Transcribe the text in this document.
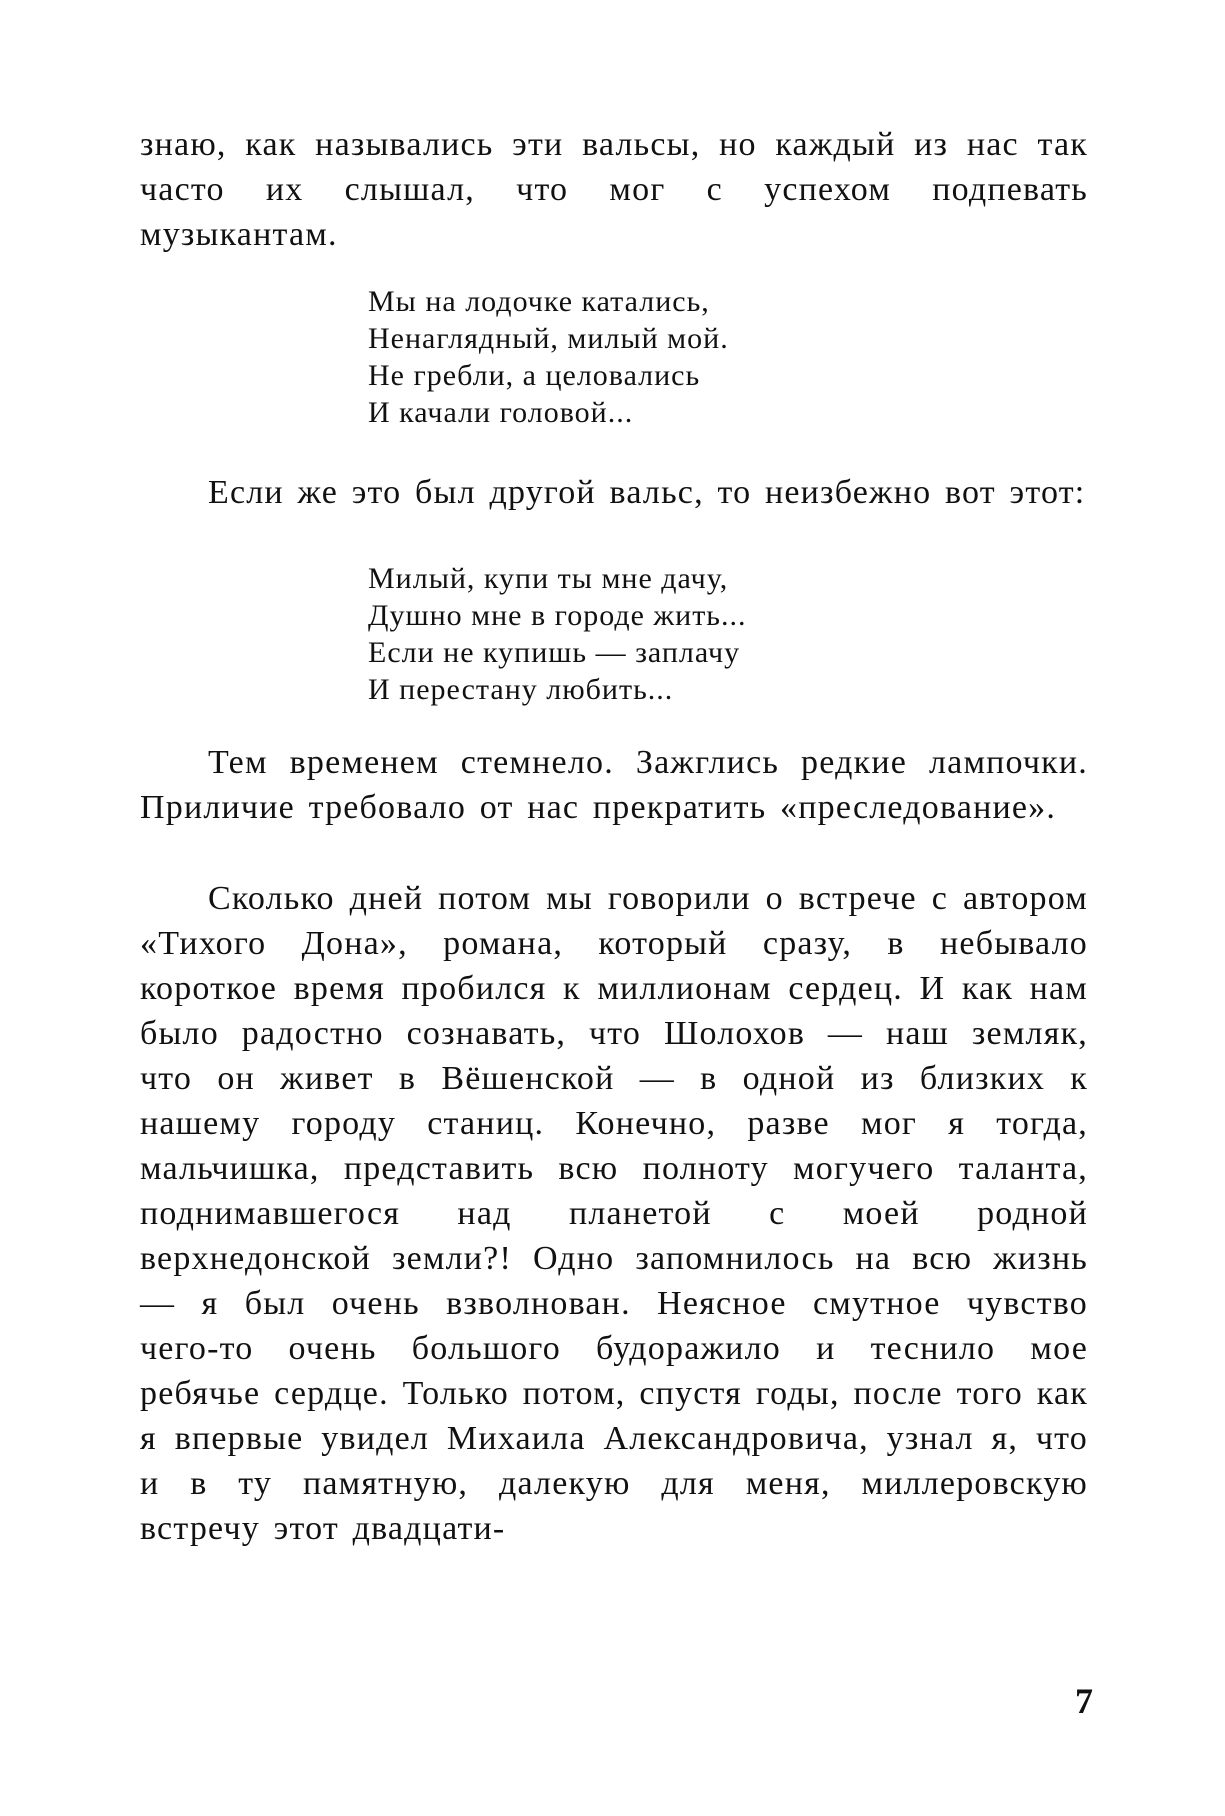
знаю, как назывались эти вальсы, но каждый из нас так часто их слышал, что мог с успехом подпевать музыкантам.

Мы на лодочке катались,
Ненаглядный, милый мой.
Не гребли, а целовались
И качали головой...

Если же это был другой вальс, то неизбежно вот этот:

Милый, купи ты мне дачу,
Душно мне в городе жить...
Если не купишь — заплачу
И перестану любить...

Тем временем стемнело. Зажглись редкие лампочки. Приличие требовало от нас прекратить «преследование».

Сколько дней потом мы говорили о встрече с автором «Тихого Дона», романа, который сразу, в небывало короткое время пробился к миллионам сердец. И как нам было радостно сознавать, что Шолохов — наш земляк, что он живет в Вёшенской — в одной из близких к нашему городу станиц. Конечно, разве мог я тогда, мальчишка, представить всю полноту могучего таланта, поднимавшегося над планетой с моей родной верхнедонской земли?! Одно запомнилось на всю жизнь — я был очень взволнован. Неясное смутное чувство чего-то очень большого будоражило и теснило мое ребячье сердце. Только потом, спустя годы, после того как я впервые увидел Михаила Александровича, узнал я, что и в ту памятную, далекую для меня, миллеровскую встречу этот двадцати-

7
